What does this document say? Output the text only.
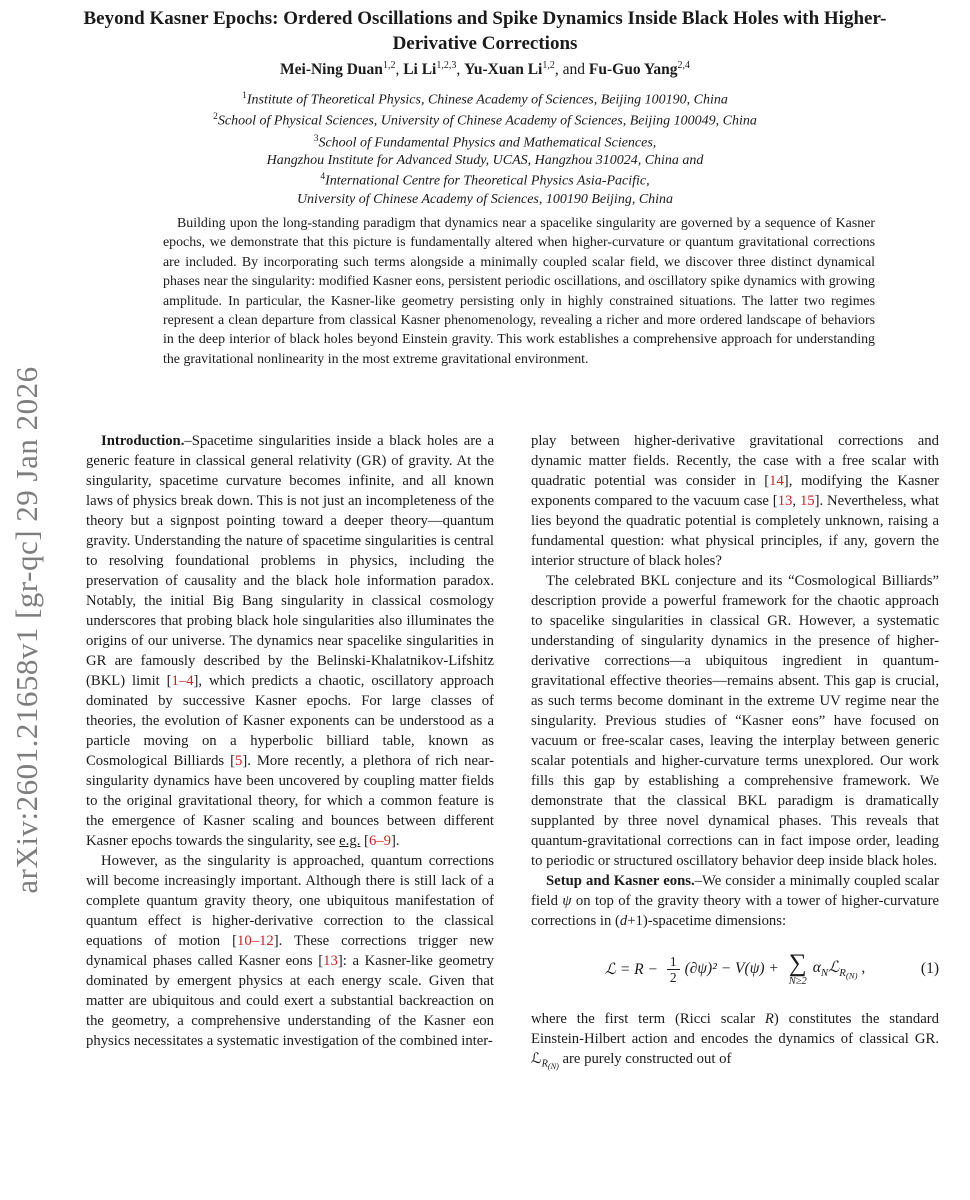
arXiv:2601.21658v1 [gr-qc] 29 Jan 2026
Beyond Kasner Epochs: Ordered Oscillations and Spike Dynamics Inside Black Holes with Higher-Derivative Corrections
Mei-Ning Duan$^{1,2}$, Li Li$^{1,2,3}$, Yu-Xuan Li$^{1,2}$, and Fu-Guo Yang$^{2,4}$
$^1$Institute of Theoretical Physics, Chinese Academy of Sciences, Beijing 100190, China
$^2$School of Physical Sciences, University of Chinese Academy of Sciences, Beijing 100049, China
$^3$School of Fundamental Physics and Mathematical Sciences,
Hangzhou Institute for Advanced Study, UCAS, Hangzhou 310024, China and
$^4$International Centre for Theoretical Physics Asia-Pacific,
University of Chinese Academy of Sciences, 100190 Beijing, China
Building upon the long-standing paradigm that dynamics near a spacelike singularity are governed by a sequence of Kasner epochs, we demonstrate that this picture is fundamentally altered when higher-curvature or quantum gravitational corrections are included. By incorporating such terms alongside a minimally coupled scalar field, we discover three distinct dynamical phases near the singularity: modified Kasner eons, persistent periodic oscillations, and oscillatory spike dynamics with growing amplitude. In particular, the Kasner-like geometry persisting only in highly constrained situations. The latter two regimes represent a clean departure from classical Kasner phenomenology, revealing a richer and more ordered landscape of behaviors in the deep interior of black holes beyond Einstein gravity. This work establishes a comprehensive approach for understanding the gravitational nonlinearity in the most extreme gravitational environment.

Introduction.–Spacetime singularities inside a black holes are a generic feature in classical general relativity (GR) of gravity. At the singularity, spacetime curvature becomes infinite, and all known laws of physics break down. This is not just an incompleteness of the theory but a signpost pointing toward a deeper theory—quantum gravity. Understanding the nature of spacetime singularities is central to resolving foundational problems in physics, including the preservation of causality and the black hole information paradox. Notably, the initial Big Bang singularity in classical cosmology underscores that probing black hole singularities also illuminates the origins of our universe. The dynamics near spacelike singularities in GR are famously described by the Belinski-Khalatnikov-Lifshitz (BKL) limit [1–4], which predicts a chaotic, oscillatory approach dominated by successive Kasner epochs. For large classes of theories, the evolution of Kasner exponents can be understood as a particle moving on a hyperbolic billiard table, known as Cosmological Billiards [5]. More recently, a plethora of rich near-singularity dynamics have been uncovered by coupling matter fields to the original gravitational theory, for which a common feature is the emergence of Kasner scaling and bounces between different Kasner epochs towards the singularity, see e.g. [6–9].

However, as the singularity is approached, quantum corrections will become increasingly important. Although there is still lack of a complete quantum gravity theory, one ubiquitous manifestation of quantum effect is higher-derivative correction to the classical equations of motion [10–12]. These corrections trigger new dynamical phases called Kasner eons [13]: a Kasner-like geometry dominated by emergent physics at each energy scale. Given that matter are ubiquitous and could exert a substantial backreaction on the geometry, a comprehensive understanding of the Kasner eon physics necessitates a systematic investigation of the combined inter-

play between higher-derivative gravitational corrections and dynamic matter fields. Recently, the case with a free scalar with quadratic potential was consider in [14], modifying the Kasner exponents compared to the vacuum case [13, 15]. Nevertheless, what lies beyond the quadratic potential is completely unknown, raising a fundamental question: what physical principles, if any, govern the interior structure of black holes?

The celebrated BKL conjecture and its “Cosmological Billiards” description provide a powerful framework for the chaotic approach to spacelike singularities in classical GR. However, a systematic understanding of singularity dynamics in the presence of higher-derivative corrections—a ubiquitous ingredient in quantum-gravitational effective theories—remains absent. This gap is crucial, as such terms become dominant in the extreme UV regime near the singularity. Previous studies of “Kasner eons” have focused on vacuum or free-scalar cases, leaving the interplay between generic scalar potentials and higher-curvature terms unexplored. Our work fills this gap by establishing a comprehensive framework. We demonstrate that the classical BKL paradigm is dramatically supplanted by three novel dynamical phases. This reveals that quantum-gravitational corrections can in fact impose order, leading to periodic or structured oscillatory behavior deep inside black holes.

Setup and Kasner eons.–We consider a minimally coupled scalar field ψ on top of the gravity theory with a tower of higher-curvature corrections in (d+1)-spacetime dimensions:

ℒ = $R - \frac{1}{2} (\partial\psi)^2 - V(\psi)$ + ∑
N≥2
$\alpha_Nℒ_{R(N)}$ ,	(1)

where the first term (Ricci scalar R) constitutes the standard Einstein-Hilbert action and encodes the dynamics of classical GR. ℒ$_{R(N)}$ are purely constructed out of
